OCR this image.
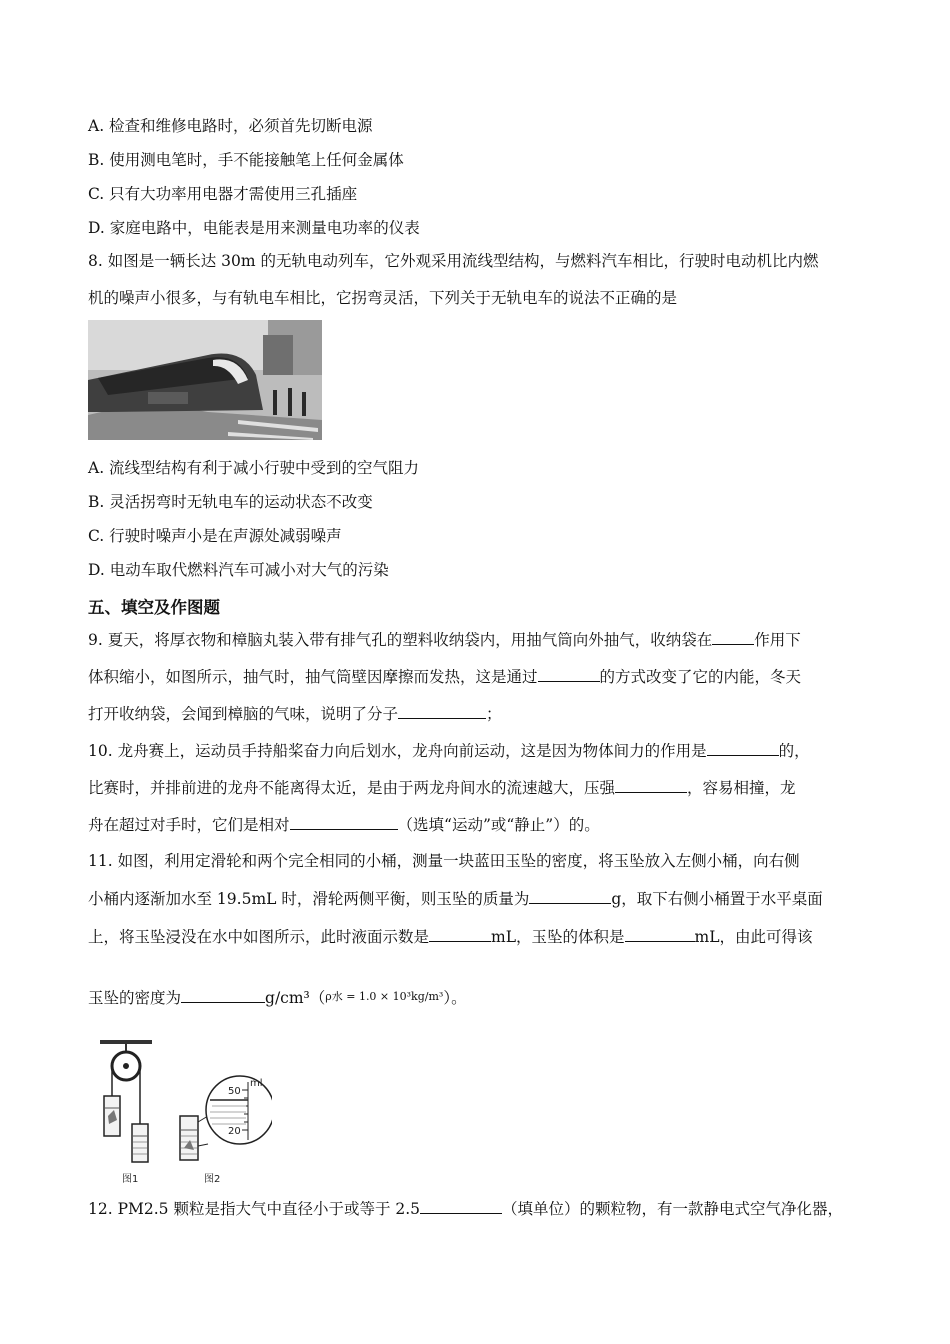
A. 检查和维修电路时，必须首先切断电源
B. 使用测电笔时，手不能接触笔上任何金属体
C. 只有大功率用电器才需使用三孔插座
D. 家庭电路中，电能表是用来测量电功率的仪表
8. 如图是一辆长达 30m 的无轨电动列车，它外观采用流线型结构，与燃料汽车相比，行驶时电动机比内燃
机的噪声小很多，与有轨电车相比，它拐弯灵活，下列关于无轨电车的说法不正确的是
A. 流线型结构有利于减小行驶中受到的空气阻力
B. 灵活拐弯时无轨电车的运动状态不改变
C. 行驶时噪声小是在声源处减弱噪声
D. 电动车取代燃料汽车可减小对大气的污染
五、填空及作图题
9. 夏天，将厚衣物和樟脑丸装入带有排气孔的塑料收纳袋内，用抽气筒向外抽气，收纳袋在	作用下
体积缩小，如图所示，抽气时，抽气筒壁因摩擦而发热，这是通过	的方式改变了它的内能，冬天
打开收纳袋，会闻到樟脑的气味，说明了分子	；
10. 龙舟赛上，运动员手持船桨奋力向后划水，龙舟向前运动，这是因为物体间力的作用是	的，
比赛时，并排前进的龙舟不能离得太近，是由于两龙舟间水的流速越大，压强	，容易相撞，龙
舟在超过对手时，它们是相对	（选填“运动”或“静止”）的。
11. 如图，利用定滑轮和两个完全相同的小桶，测量一块蓝田玉坠的密度，将玉坠放入左侧小桶，向右侧
小桶内逐渐加水至 19.5mL 时，滑轮两侧平衡，则玉坠的质量为	g，取下右侧小桶置于水平桌面
上，将玉坠浸没在水中如图所示，此时液面示数是	mL，玉坠的体积是	mL，由此可得该
玉坠的密度为	g/cm³（ρ水 = 1.0 × 10³kg/m³）。
图1
ml
50
20
图2
12. PM2.5 颗粒是指大气中直径小于或等于 2.5	（填单位）的颗粒物，有一款静电式空气净化器，
